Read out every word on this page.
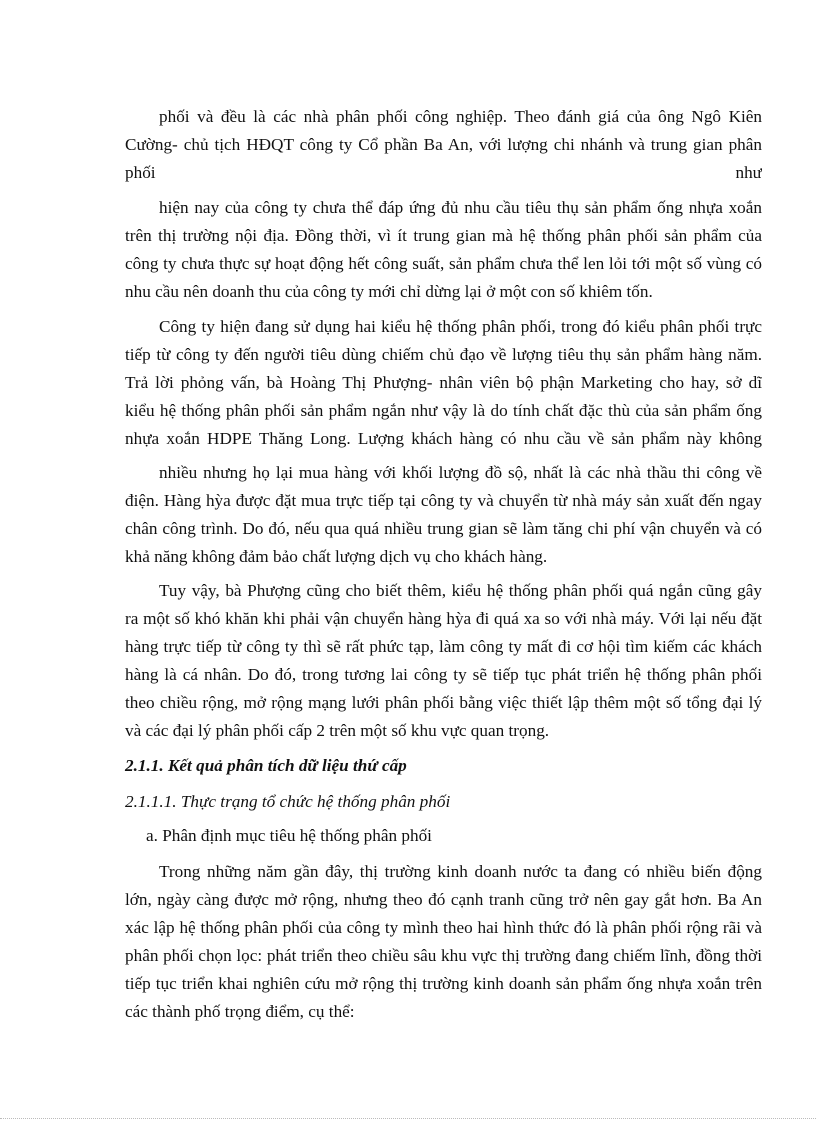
phối và đều là các nhà phân phối công nghiệp. Theo đánh giá của ông Ngô Kiên
Cường- chủ tịch HĐQT công ty Cổ phần Ba An, với lượng chi nhánh và trung gian phân
phối như
hiện nay của công ty chưa thể đáp ứng đủ nhu cầu tiêu thụ sản phẩm ống nhựa xoắn
trên thị trường nội địa. Đồng thời, vì ít trung gian mà hệ thống phân phối sản phẩm của
công ty chưa thực sự hoạt động hết công suất, sản phẩm chưa thể len lỏi tới một số vùng có
nhu cầu nên doanh thu của công ty mới chỉ dừng lại ở một con số khiêm tốn.
Công ty hiện đang sử dụng hai kiểu hệ thống phân phối, trong đó kiểu phân phối trực
tiếp từ công ty đến người tiêu dùng chiếm chủ đạo về lượng tiêu thụ sản phẩm hàng năm.
Trả lời phỏng vấn, bà Hoàng Thị Phượng- nhân viên bộ phận Marketing cho hay, sở dĩ
kiểu hệ thống phân phối sản phẩm ngắn như vậy là do tính chất đặc thù của sản phẩm ống
nhựa xoắn HDPE Thăng Long. Lượng khách hàng có nhu cầu về sản phẩm này không
nhiều nhưng họ lại mua hàng với khối lượng đồ sộ, nhất là các nhà thầu thi công về
điện. Hàng hỳa được đặt mua trực tiếp tại công ty và chuyển từ nhà máy sản xuất đến ngay
chân công trình. Do đó, nếu qua quá nhiều trung gian sẽ làm tăng chi phí vận chuyển và có
khả năng không đảm bảo chất lượng dịch vụ cho khách hàng.
Tuy vậy, bà Phượng cũng cho biết thêm, kiểu hệ thống phân phối quá ngắn cũng gây
ra một số khó khăn khi phải vận chuyển hàng hỳa đi quá xa so với nhà máy. Với lại nếu đặt
hàng trực tiếp từ công ty thì sẽ rất phức tạp, làm công ty mất đi cơ hội tìm kiếm các khách
hàng là cá nhân. Do đó, trong tương lai công ty sẽ tiếp tục phát triển hệ thống phân phối
theo chiều rộng, mở rộng mạng lưới phân phối bằng việc thiết lập thêm một số tổng đại lý
và các đại lý phân phối cấp 2 trên một số khu vực quan trọng.
2.1.1. Kết quả phân tích dữ liệu thứ cấp
2.1.1.1. Thực trạng tổ chức hệ thống phân phối
a. Phân định mục tiêu hệ thống phân phối
Trong những năm gần đây, thị trường kinh doanh nước ta đang có nhiều biến động
lớn, ngày càng được mở rộng, nhưng theo đó cạnh tranh cũng trở nên gay gắt hơn. Ba An
xác lập hệ thống phân phối của công ty mình theo hai hình thức đó là phân phối rộng rãi và
phân phối chọn lọc: phát triển theo chiều sâu khu vực thị trường đang chiếm lĩnh, đồng thời
tiếp tục triển khai nghiên cứu mở rộng thị trường kinh doanh sản phẩm ống nhựa xoắn trên
các thành phố trọng điểm, cụ thể:
